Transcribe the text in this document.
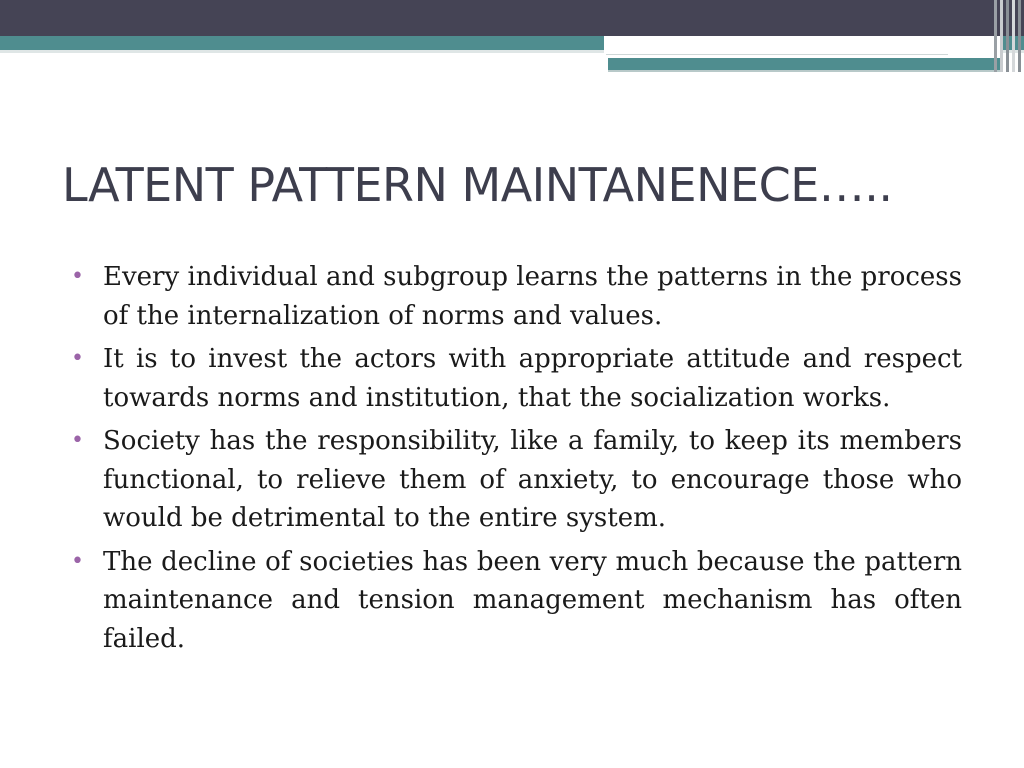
LATENT PATTERN MAINTANENECE…..
• Every individual and subgroup learns the patterns in the process of the internalization of norms and values.
• It is to invest the actors with appropriate attitude and respect towards norms and institution, that the socialization works.
• Society has the responsibility, like a family, to keep its members functional, to relieve them of anxiety, to encourage those who would be detrimental to the entire system.
• The decline of societies has been very much because the pattern maintenance and tension management mechanism has often failed.
